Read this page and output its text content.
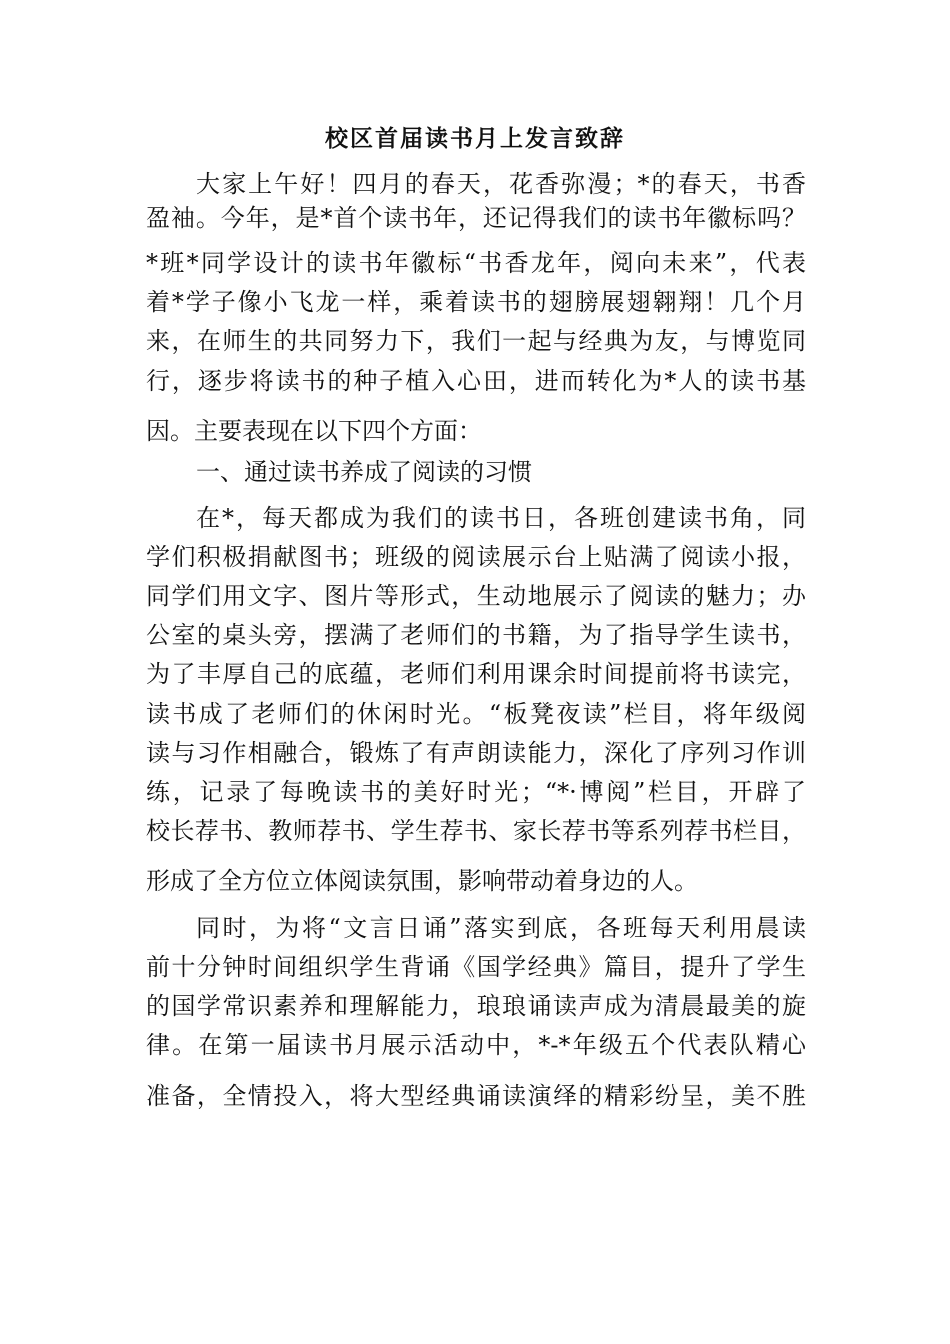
校区首届读书月上发言致辞
大家上午好！四月的春天，花香弥漫；*的春天，书香
盈袖。今年，是*首个读书年，还记得我们的读书年徽标吗？
*班*同学设计的读书年徽标“书香龙年，阅向未来”，代表
着*学子像小飞龙一样，乘着读书的翅膀展翅翱翔！几个月
来，在师生的共同努力下，我们一起与经典为友，与博览同
行，逐步将读书的种子植入心田，进而转化为*人的读书基
因。主要表现在以下四个方面：
一、通过读书养成了阅读的习惯
在*，每天都成为我们的读书日，各班创建读书角，同
学们积极捐献图书；班级的阅读展示台上贴满了阅读小报，
同学们用文字、图片等形式，生动地展示了阅读的魅力；办
公室的桌头旁，摆满了老师们的书籍，为了指导学生读书，
为了丰厚自己的底蕴，老师们利用课余时间提前将书读完，
读书成了老师们的休闲时光。“板凳夜读”栏目，将年级阅
读与习作相融合，锻炼了有声朗读能力，深化了序列习作训
练，记录了每晚读书的美好时光；“*·博阅”栏目，开辟了
校长荐书、教师荐书、学生荐书、家长荐书等系列荐书栏目，
形成了全方位立体阅读氛围，影响带动着身边的人。
同时，为将“文言日诵”落实到底，各班每天利用晨读
前十分钟时间组织学生背诵《国学经典》篇目，提升了学生
的国学常识素养和理解能力，琅琅诵读声成为清晨最美的旋
律。在第一届读书月展示活动中，*-*年级五个代表队精心
准备，全情投入，将大型经典诵读演绎的精彩纷呈，美不胜
